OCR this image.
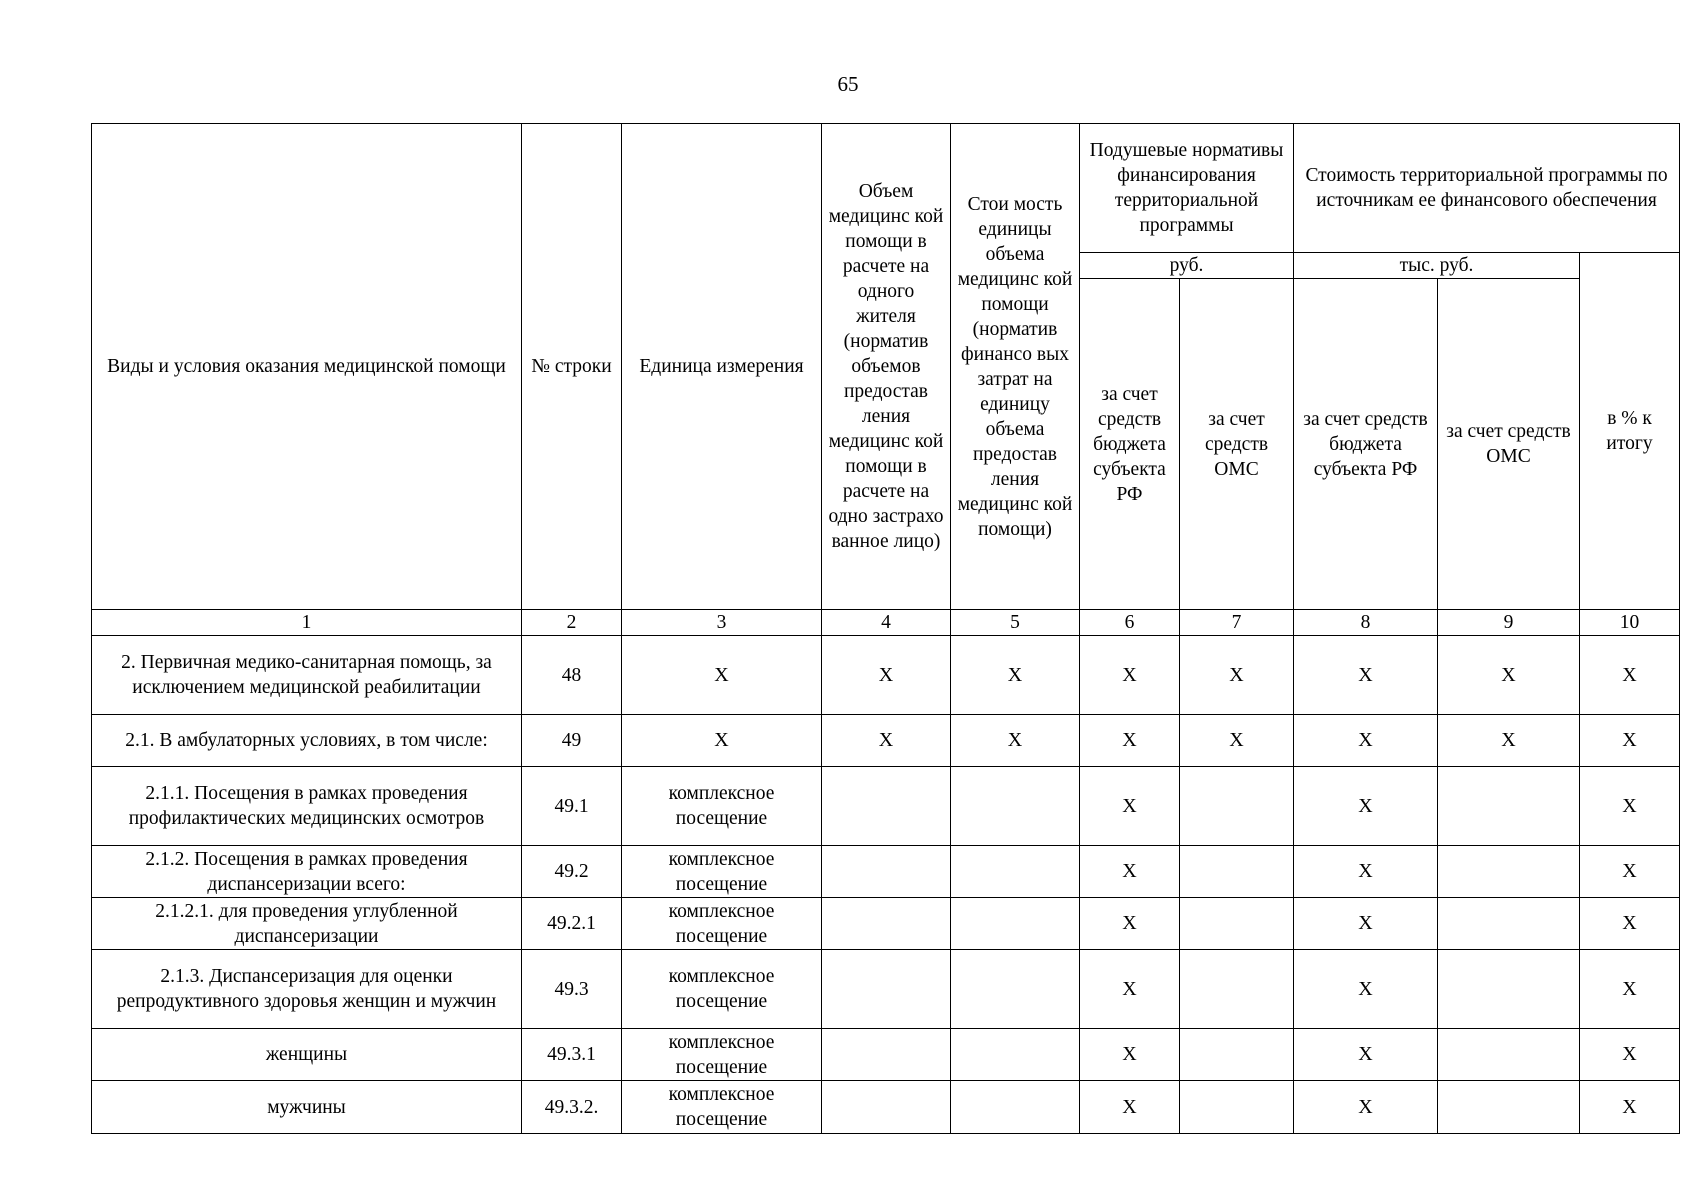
65
Виды и условия оказания медицинской помощи	№ строки	Единица измерения	Объем медицинс кой помощи в расчете на одного жителя (норматив объемов предостав ления медицинс кой помощи в расчете на одно застрахо ванное лицо)	Стои мость единицы объема медицинс кой помощи (норматив финансо вых затрат на единицу объема предостав ления медицинс кой помощи)	Подушевые нормативы финансирования территориальной программы		Стоимость территориальной программы по источникам ее финансового обеспечения		
					руб.		тыс. руб.		в % к итогу
					за счет средств бюджета субъекта РФ	за счет средств ОМС	за счет средств бюджета субъекта РФ	за счет средств ОМС	
1	2	3	4	5	6	7	8	9	10
2. Первичная медико-санитарная помощь, за исключением медицинской реабилитации	48	X	X	X	X	X	X	X	X
2.1. В амбулаторных условиях, в том числе:	49	X	X	X	X	X	X	X	X
2.1.1. Посещения в рамках проведения профилактических медицинских осмотров	49.1	комплексное посещение			X		X		X
2.1.2. Посещения в рамках проведения диспансеризации всего:	49.2	комплексное посещение			X		X		X
2.1.2.1. для проведения углубленной диспансеризации	49.2.1	комплексное посещение			X		X		X
2.1.3. Диспансеризация для оценки репродуктивного здоровья женщин и мужчин	49.3	комплексное посещение			X		X		X
женщины	49.3.1	комплексное посещение			X		X		X
мужчины	49.3.2.	комплексное посещение			X		X		X
